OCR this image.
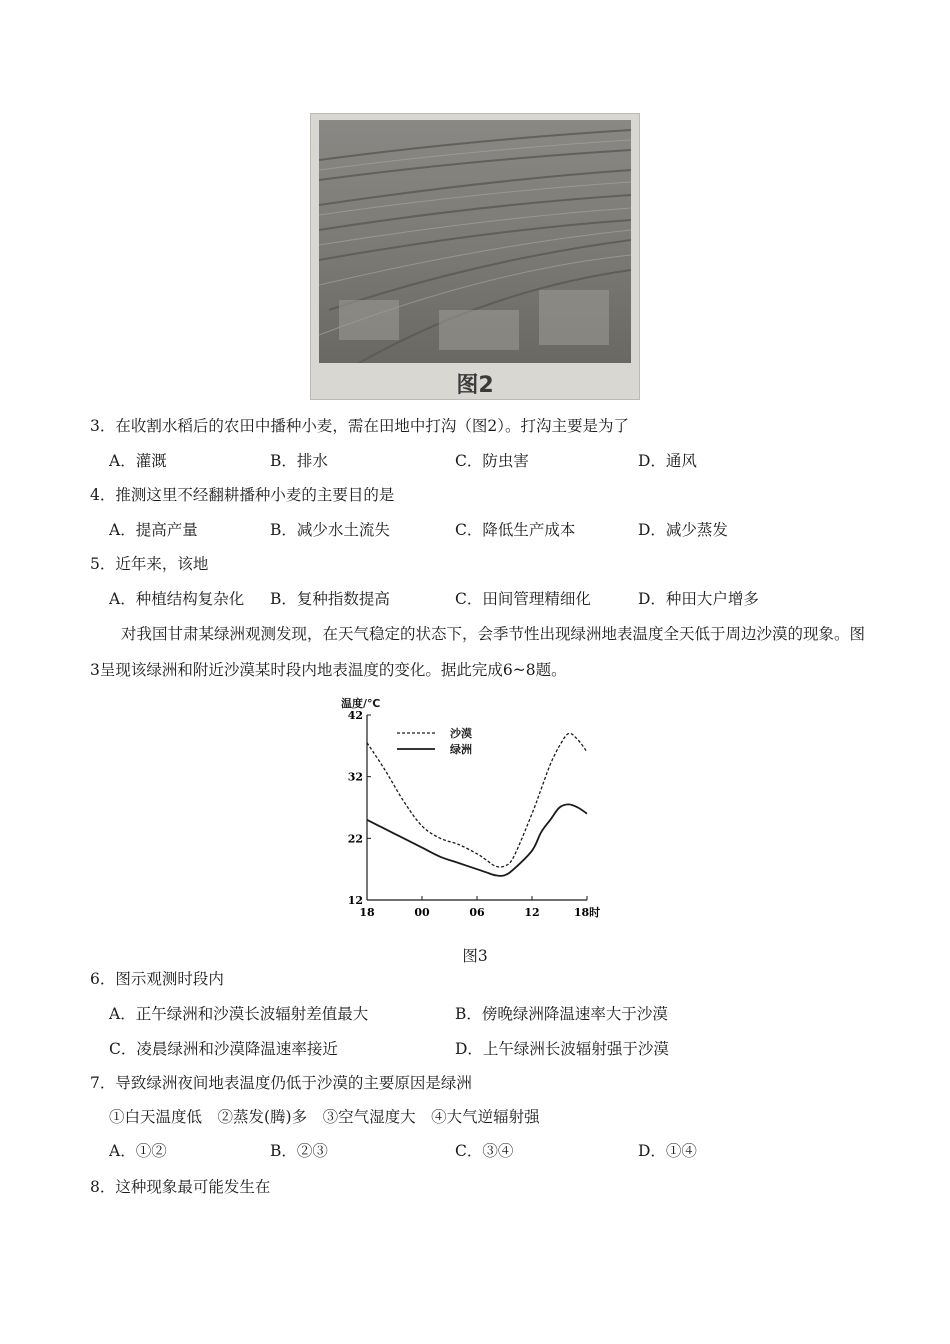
图2
3．在收割水稻后的农田中播种小麦，需在田地中打沟（图2）。打沟主要是为了
A．灌溉	B．排水	C．防虫害	D．通风
4．推测这里不经翻耕播种小麦的主要目的是
A．提高产量	B．减少水土流失	C．降低生产成本	D．减少蒸发
5．近年来，该地
A．种植结构复杂化 B．复种指数提高	C．田间管理精细化	D．种田大户增多
对我国甘肃某绿洲观测发现，在天气稳定的状态下，会季节性出现绿洲地表温度全天低于周边沙漠的现象。图3呈现该绿洲和附近沙漠某时段内地表温度的变化。据此完成6~8题。
温度/℃
42
32
22
12
18	00	06	12	18时
沙漠
绿洲
图3
6．图示观测时段内
A．正午绿洲和沙漠长波辐射差值最大	B．傍晚绿洲降温速率大于沙漠
C．凌晨绿洲和沙漠降温速率接近	D．上午绿洲长波辐射强于沙漠
7．导致绿洲夜间地表温度仍低于沙漠的主要原因是绿洲
①白天温度低　②蒸发(腾)多　③空气湿度大　④大气逆辐射强
A．①②	B．②③	C．③④	D．①④
8．这种现象最可能发生在
